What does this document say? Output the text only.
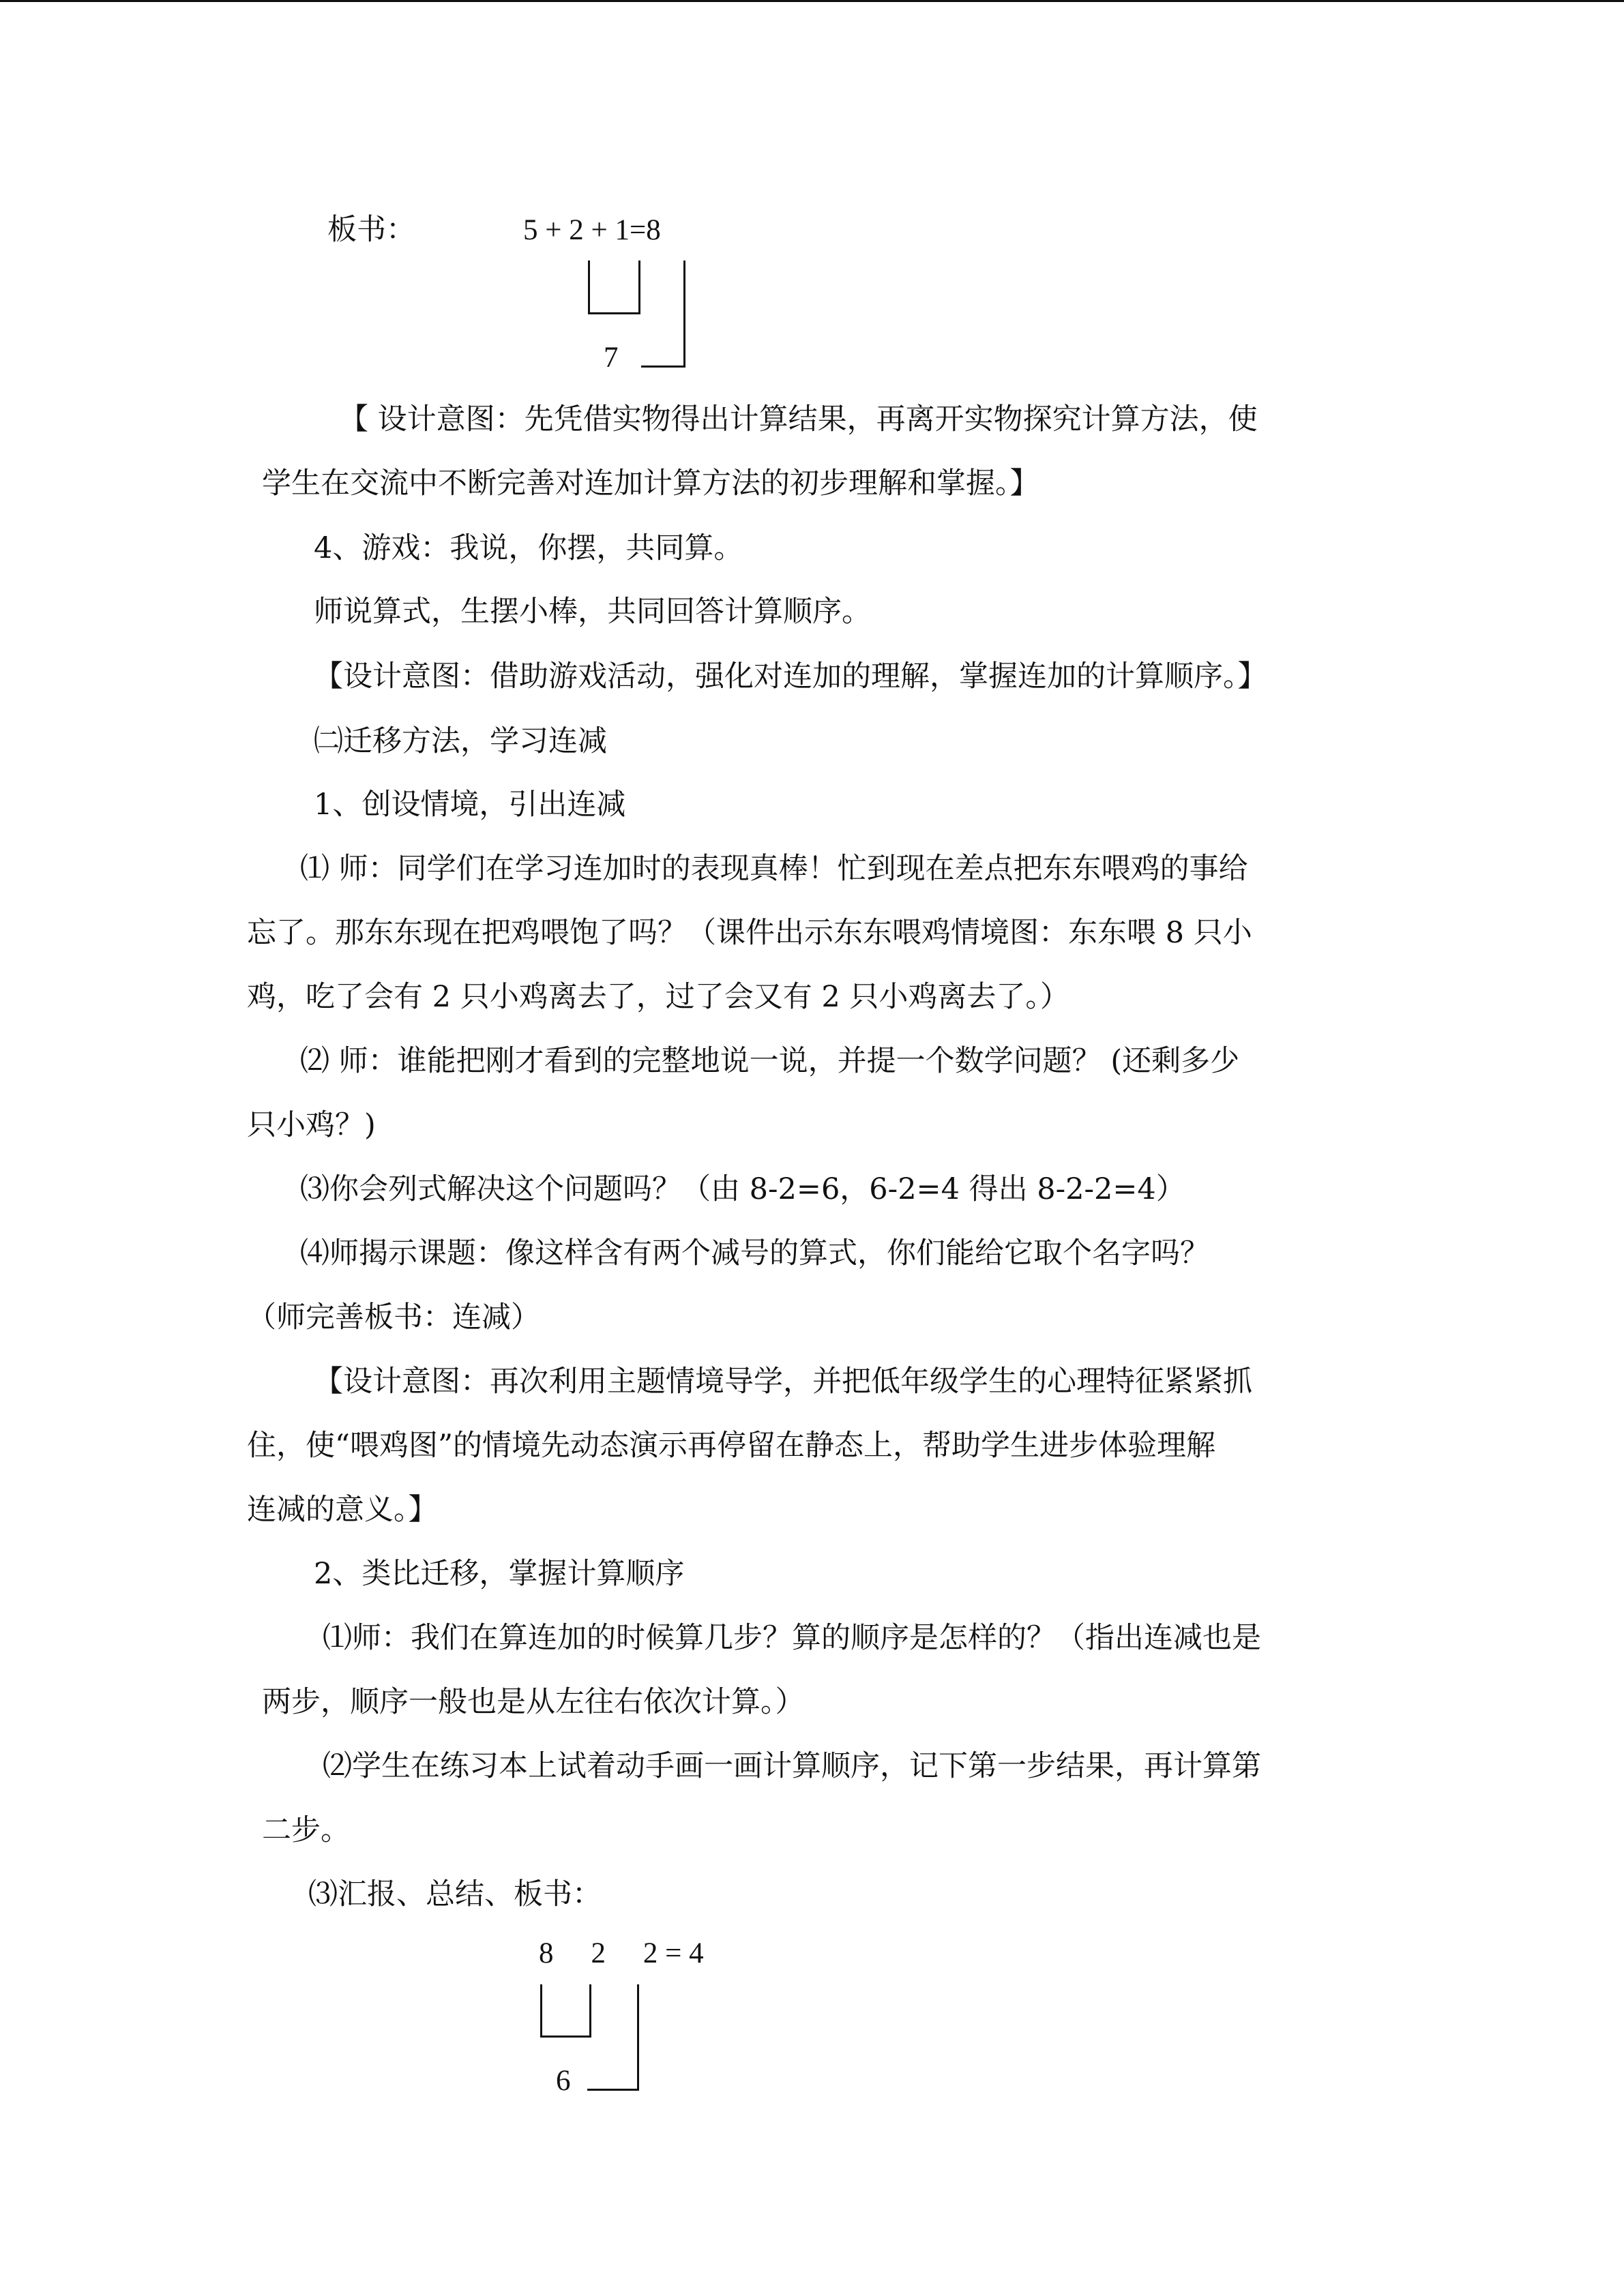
板书：	5 + 2 + 1=8
7
【 设计意图：先凭借实物得出计算结果，再离开实物探究计算方法，使
学生在交流中不断完善对连加计算方法的初步理解和掌握。】
4、游戏：我说，你摆，共同算。
师说算式，生摆小棒，共同回答计算顺序。
【设计意图：借助游戏活动，强化对连加的理解，掌握连加的计算顺序。】
㈡迁移方法，学习连减
1、创设情境，引出连减
⑴ 师：同学们在学习连加时的表现真棒！忙到现在差点把东东喂鸡的事给
忘了。那东东现在把鸡喂饱了吗？（课件出示东东喂鸡情境图：东东喂 8 只小
鸡，吃了会有 2 只小鸡离去了，过了会又有 2 只小鸡离去了。）
⑵ 师：谁能把刚才看到的完整地说一说，并提一个数学问题？ (还剩多少
只小鸡？)
⑶你会列式解决这个问题吗？（由 8-2=6，6-2=4 得出 8-2-2=4）
⑷师揭示课题：像这样含有两个减号的算式，你们能给它取个名字吗？
（师完善板书：连减）
【设计意图：再次利用主题情境导学，并把低年级学生的心理特征紧紧抓
住，使“喂鸡图”的情境先动态演示再停留在静态上，帮助学生进步体验理解
连减的意义。】
2、类比迁移，掌握计算顺序
⑴师：我们在算连加的时候算几步？算的顺序是怎样的？（指出连减也是
两步，顺序一般也是从左往右依次计算。）
⑵学生在练习本上试着动手画一画计算顺序，记下第一步结果，再计算第
二步。
⑶汇报、总结、板书：
8   2   2 = 4
6
